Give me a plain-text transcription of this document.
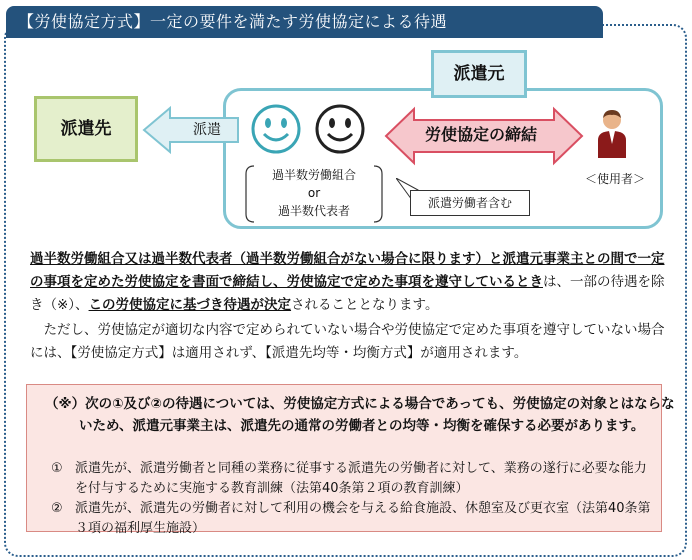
【労使協定方式】一定の要件を満たす労使協定による待遇
派遣元
派遣先	派遣
過半数労働組合
or
過半数代表者
派遣労働者含む
労使協定の締結
＜使用者＞
過半数労働組合又は過半数代表者（過半数労働組合がない場合に限ります）と派遣元事業主との間で一定の事項を定めた労使協定を書面で締結し、労使協定で定めた事項を遵守しているときは、一部の待遇を除き（※）、この労使協定に基づき待遇が決定されることとなります。
ただし、労使協定が適切な内容で定められていない場合や労使協定で定めた事項を遵守していない場合には、【労使協定方式】は適用されず、【派遣先均等・均衡方式】が適用されます。
（※）次の①及び②の待遇については、労使協定方式による場合であっても、労使協定の対象とはならないため、派遣元事業主は、派遣先の通常の労働者との均等・均衡を確保する必要があります。
① 派遣先が、派遣労働者と同種の業務に従事する派遣先の労働者に対して、業務の遂行に必要な能力を付与するために実施する教育訓練（法第40条第２項の教育訓練）
② 派遣先が、派遣先の労働者に対して利用の機会を与える給食施設、休憩室及び更衣室（法第40条第３項の福利厚生施設）
